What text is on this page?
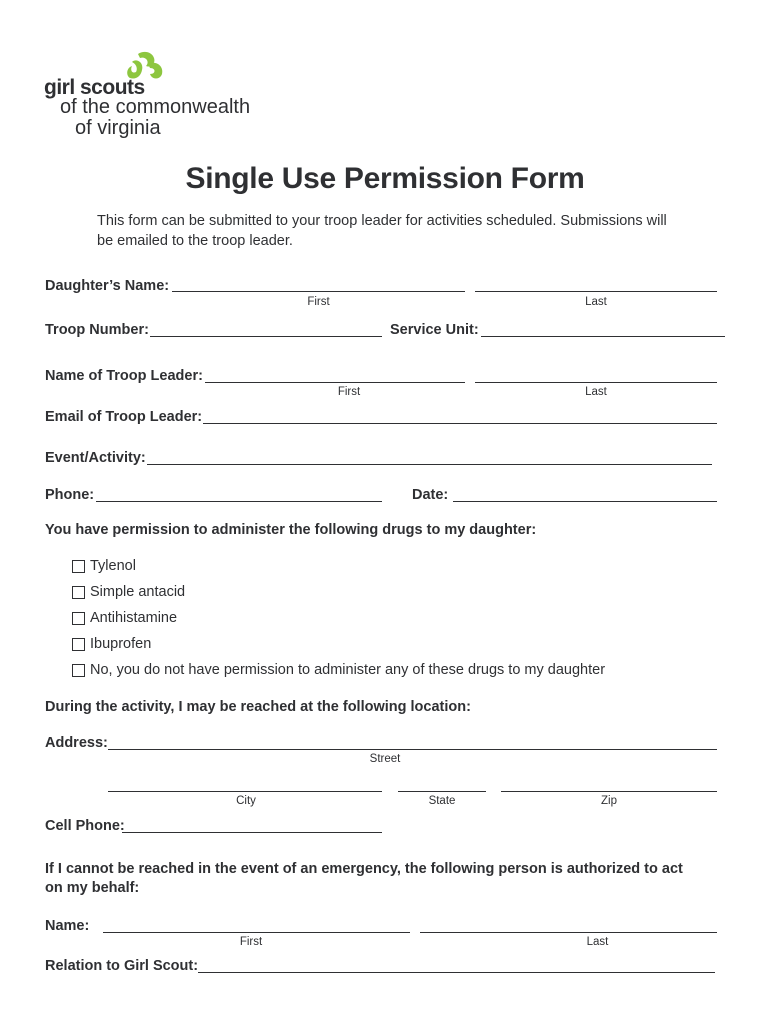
girl scouts
of the commonwealth
of virginia
Single Use Permission Form
This form can be submitted to your troop leader for activities scheduled. Submissions will be emailed to the troop leader.
Daughter’s Name:
First	Last
Troop Number:	Service Unit:
Name of Troop Leader:
First	Last
Email of Troop Leader:
Event/Activity:
Phone:	Date:
You have permission to administer the following drugs to my daughter:
Tylenol
Simple antacid
Antihistamine
Ibuprofen
No, you do not have permission to administer any of these drugs to my daughter
During the activity, I may be reached at the following location:
Address:
Street
City	State	Zip
Cell Phone:
If I cannot be reached in the event of an emergency, the following person is authorized to act on my behalf:
Name:
First	Last
Relation to Girl Scout:
